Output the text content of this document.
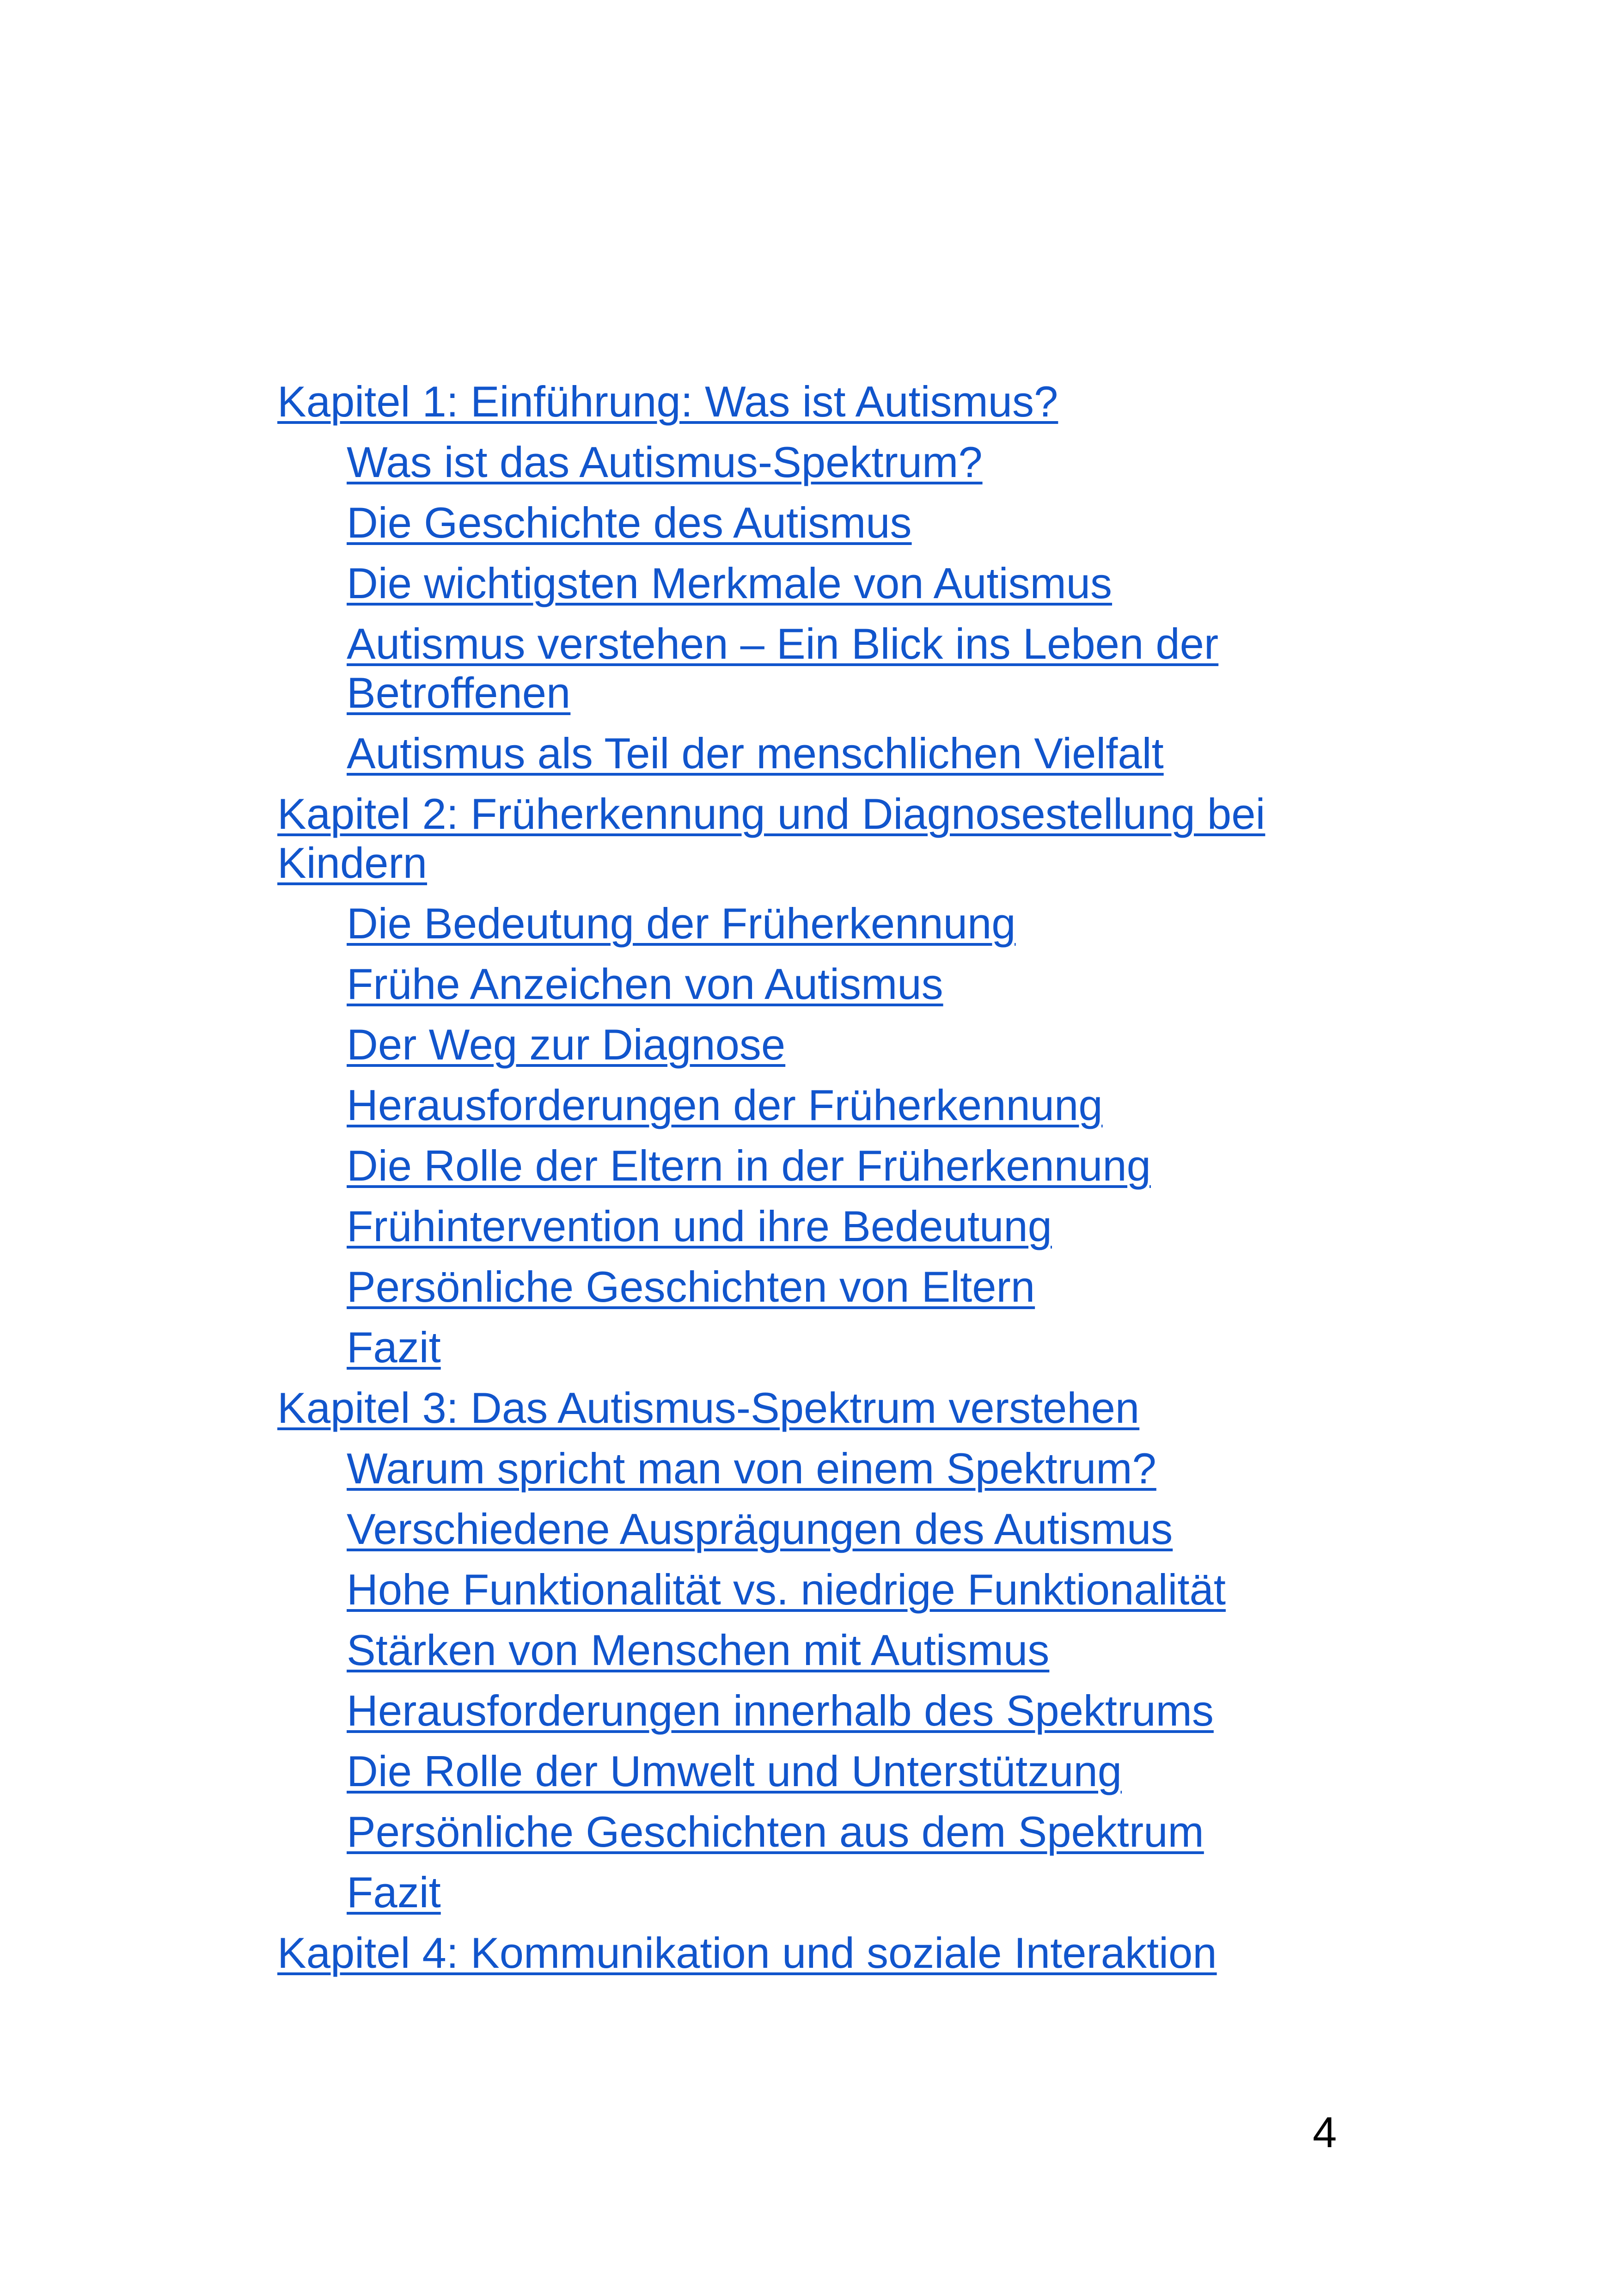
Kapitel 1: Einführung: Was ist Autismus?
Was ist das Autismus-Spektrum?
Die Geschichte des Autismus
Die wichtigsten Merkmale von Autismus
Autismus verstehen – Ein Blick ins Leben der Betroffenen
Autismus als Teil der menschlichen Vielfalt
Kapitel 2: Früherkennung und Diagnosestellung bei Kindern
Die Bedeutung der Früherkennung
Frühe Anzeichen von Autismus
Der Weg zur Diagnose
Herausforderungen der Früherkennung
Die Rolle der Eltern in der Früherkennung
Frühintervention und ihre Bedeutung
Persönliche Geschichten von Eltern
Fazit
Kapitel 3: Das Autismus-Spektrum verstehen
Warum spricht man von einem Spektrum?
Verschiedene Ausprägungen des Autismus
Hohe Funktionalität vs. niedrige Funktionalität
Stärken von Menschen mit Autismus
Herausforderungen innerhalb des Spektrums
Die Rolle der Umwelt und Unterstützung
Persönliche Geschichten aus dem Spektrum
Fazit
Kapitel 4: Kommunikation und soziale Interaktion
4
